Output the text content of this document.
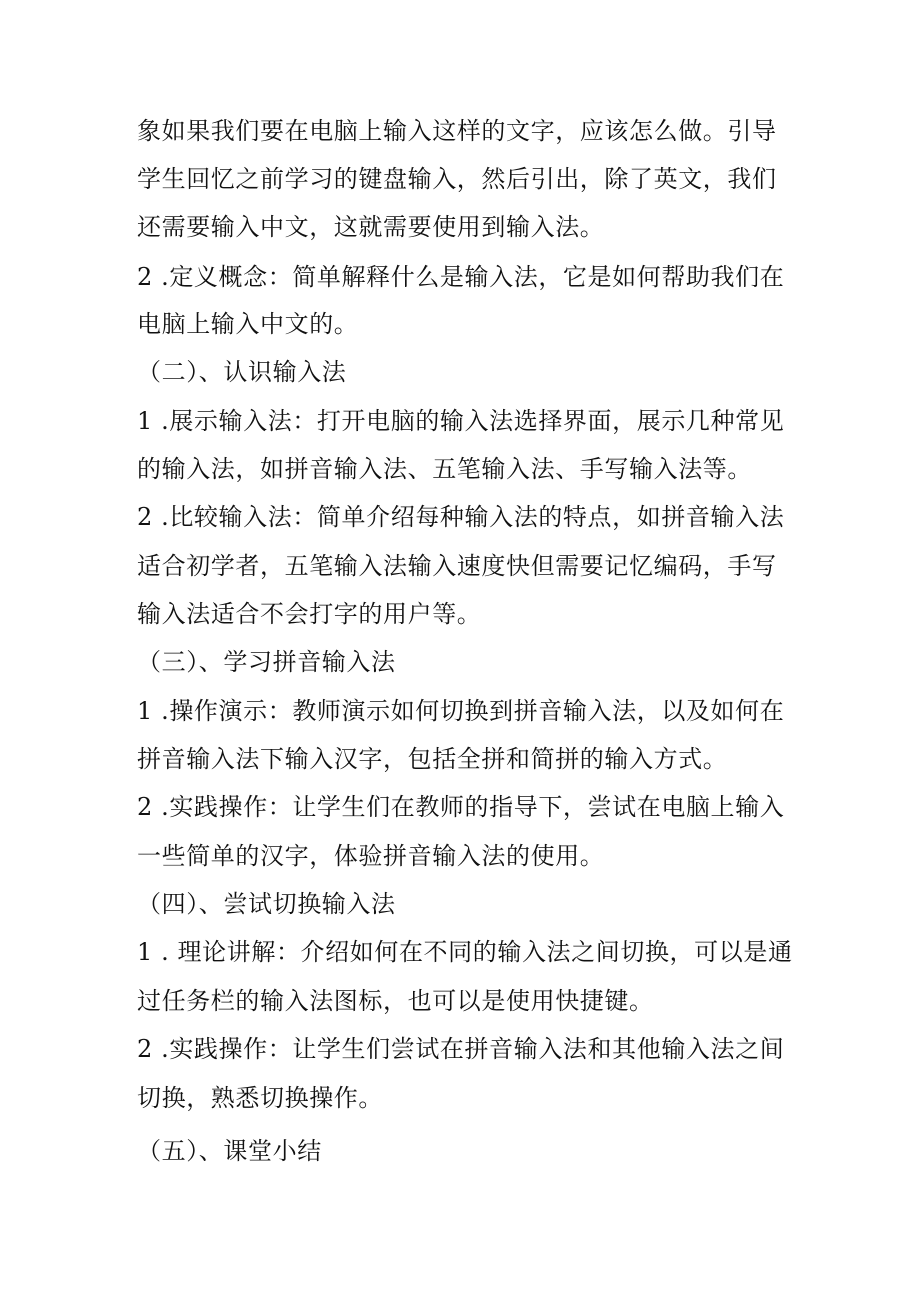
象如果我们要在电脑上输入这样的文字，应该怎么做。引导
学生回忆之前学习的键盘输入，然后引出，除了英文，我们
还需要输入中文，这就需要使用到输入法。
2 .定义概念：简单解释什么是输入法，它是如何帮助我们在
电脑上输入中文的。
（二）、认识输入法
1 .展示输入法：打开电脑的输入法选择界面，展示几种常见
的输入法，如拼音输入法、五笔输入法、手写输入法等。
2 .比较输入法：简单介绍每种输入法的特点，如拼音输入法
适合初学者，五笔输入法输入速度快但需要记忆编码，手写
输入法适合不会打字的用户等。
（三）、学习拼音输入法
1 .操作演示：教师演示如何切换到拼音输入法，以及如何在
拼音输入法下输入汉字，包括全拼和简拼的输入方式。
2 .实践操作：让学生们在教师的指导下，尝试在电脑上输入
一些简单的汉字，体验拼音输入法的使用。
（四）、尝试切换输入法
1 . 理论讲解：介绍如何在不同的输入法之间切换，可以是通
过任务栏的输入法图标，也可以是使用快捷键。
2 .实践操作：让学生们尝试在拼音输入法和其他输入法之间
切换，熟悉切换操作。
（五）、课堂小结
